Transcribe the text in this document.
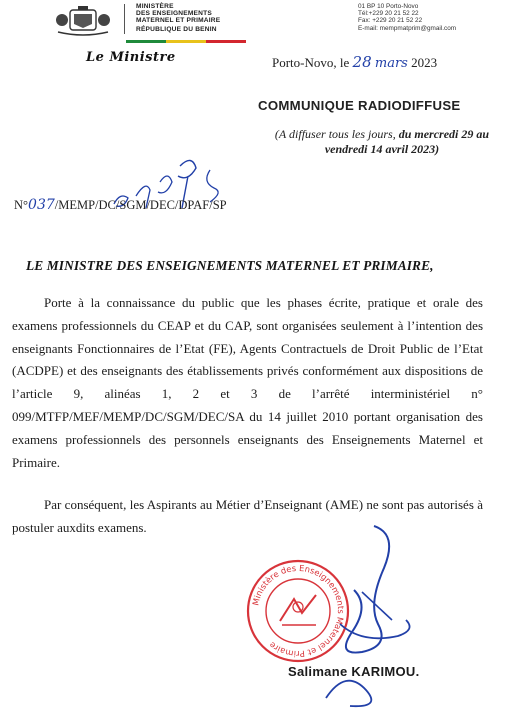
MINISTÈRE
DES ENSEIGNEMENTS
MATERNEL ET PRIMAIRE
RÉPUBLIQUE DU BENIN
01 BP 10 Porto-Novo
Tél:+229 20 21 52 22
Fax: +229 20 21 52 22
E-mail: mempmatprim@gmail.com
Le Ministre	Porto-Novo, le 28 mars 2023
COMMUNIQUE RADIODIFFUSE
(A diffuser tous les jours, du mercredi 29 au vendredi 14 avril 2023)
N°037/MEMP/DC/SGM/DEC/DPAF/SP
LE MINISTRE DES ENSEIGNEMENTS MATERNEL ET PRIMAIRE,
Porte à la connaissance du public que les phases écrite, pratique et orale des examens professionnels du CEAP et du CAP, sont organisées seulement à l’intention des enseignants Fonctionnaires de l’Etat (FE), Agents Contractuels de Droit Public de l’Etat (ACDPE) et des enseignants des établissements privés conformément aux dispositions de l’article 9, alinéas 1, 2 et 3 de l’arrêté interministériel n° 099/MTFP/MEF/MEMP/DC/SGM/DEC/SA du 14 juillet 2010 portant organisation des examens professionnels des personnels enseignants des Enseignements Maternel et Primaire.
Par conséquent, les Aspirants au Métier d’Enseignant (AME) ne sont pas autorisés à postuler auxdits examens.
Ministère des Enseignements Maternel et Primaire
Salimane KARIMOU.
